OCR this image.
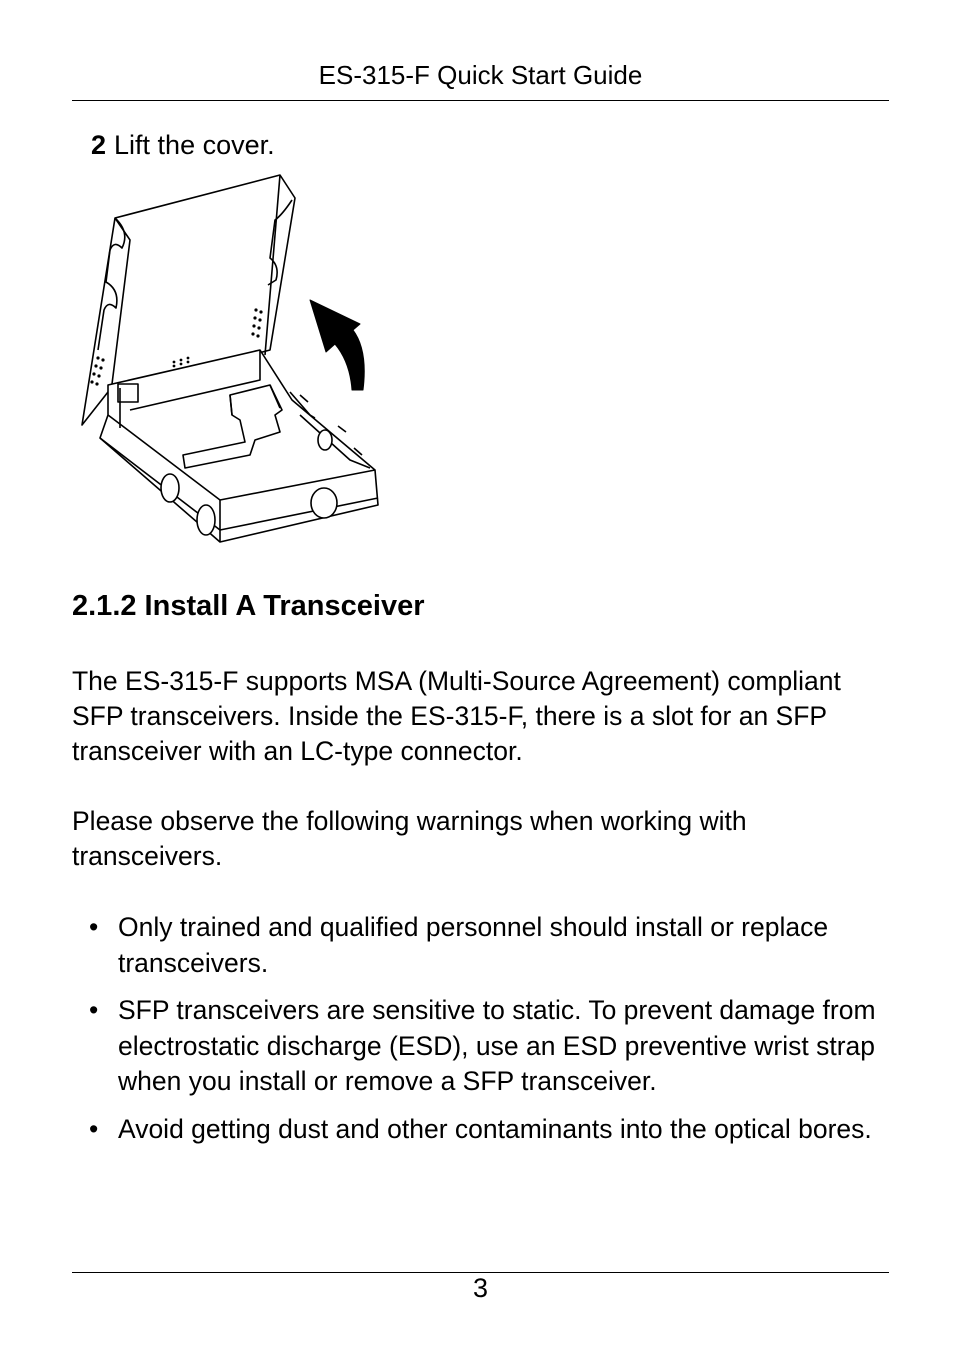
ES-315-F Quick Start Guide
2 Lift the cover.
2.1.2 Install A Transceiver
The ES-315-F supports MSA (Multi-Source Agreement) compliant SFP transceivers. Inside the ES-315-F, there is a slot for an SFP transceiver with an LC-type connector.
Please observe the following warnings when working with transceivers.
• Only trained and qualified personnel should install or replace transceivers.
• SFP transceivers are sensitive to static. To prevent damage from electrostatic discharge (ESD), use an ESD preventive wrist strap when you install or remove a SFP transceiver.
• Avoid getting dust and other contaminants into the optical bores.
3
